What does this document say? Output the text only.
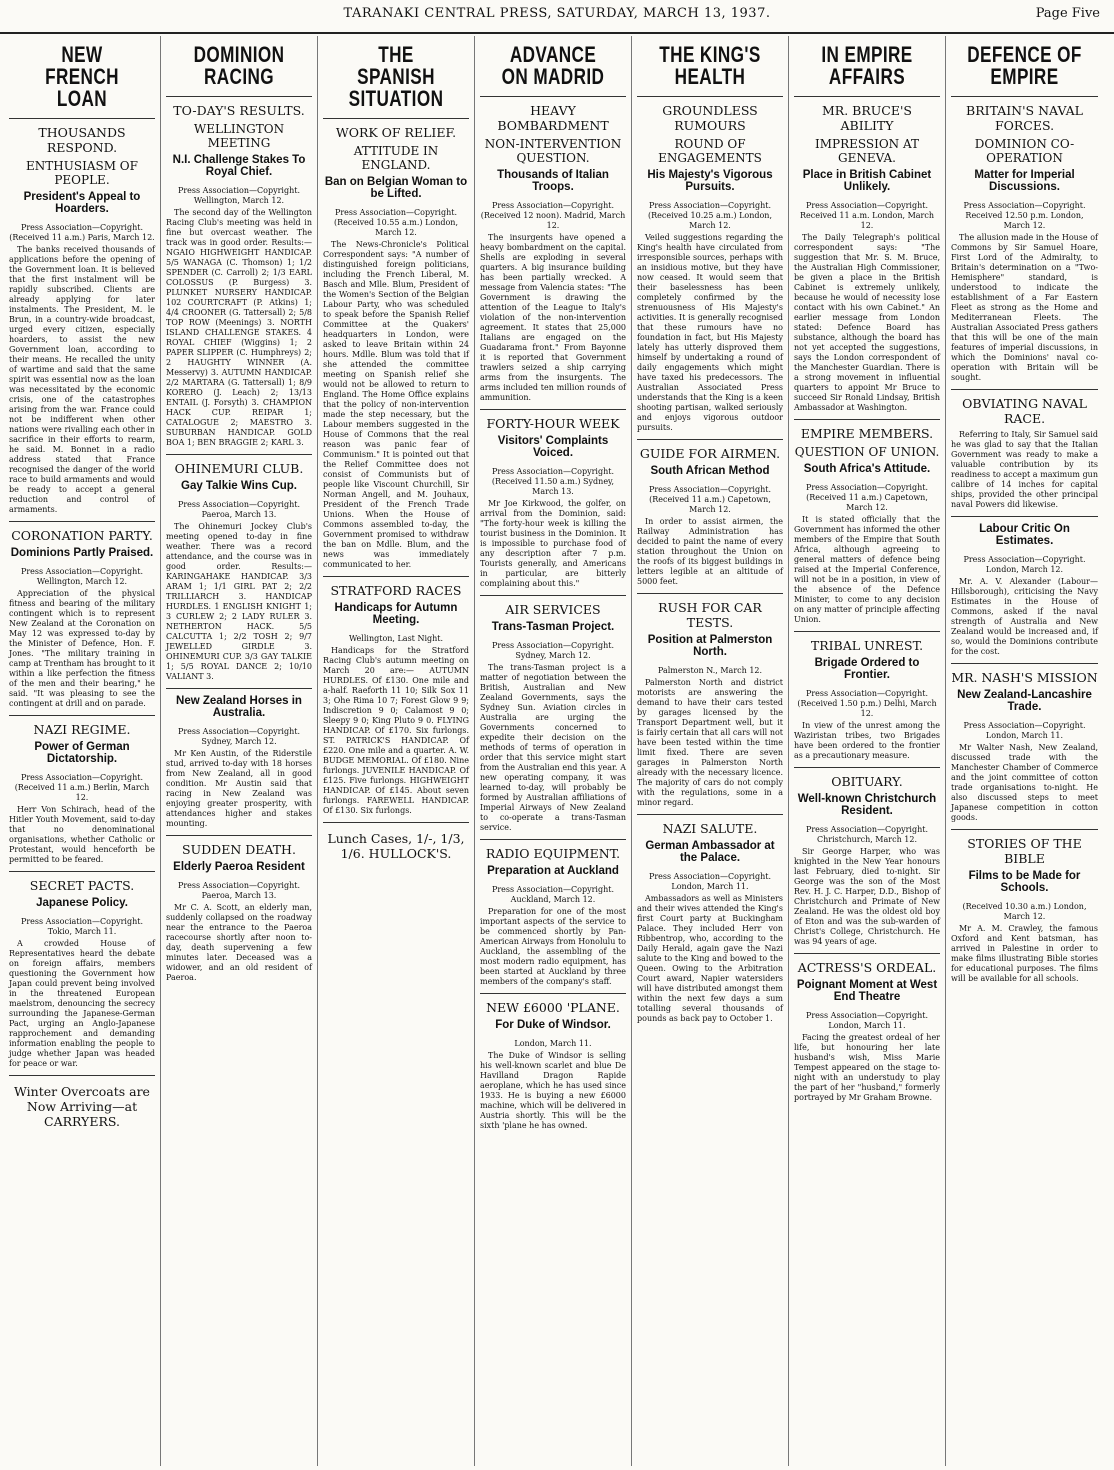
TARANAKI CENTRAL PRESS, SATURDAY, MARCH 13, 1937.	Page Five
NEW FRENCH LOAN
THOUSANDS RESPOND.
ENTHUSIASM OF PEOPLE.
President's Appeal to Hoarders.
Press Association—Copyright. (Received 11 a.m.) Paris, March 12.
The banks received thousands of applications before the opening of the Government loan. It is believed that the first instalment will be rapidly subscribed. Clients are already applying for later instalments. The President, M. le Brun, in a country-wide broadcast, urged every citizen, especially hoarders, to assist the new Government loan, according to their means. He recalled the unity of wartime and said that the same spirit was essential now as the loan was necessitated by the economic crisis, one of the catastrophes arising from the war. France could not be indifferent when other nations were rivalling each other in sacrifice in their efforts to rearm, he said. M. Bonnet in a radio address stated that France recognised the danger of the world race to build armaments and would be ready to accept a general reduction and control of armaments.
CORONATION PARTY.
Dominions Partly Praised.
Press Association—Copyright. Wellington, March 12.
Appreciation of the physical fitness and bearing of the military contingent which is to represent New Zealand at the Coronation on May 12 was expressed to-day by the Minister of Defence, Hon. F. Jones. "The military training in camp at Trentham has brought to it within a like perfection the fitness of the men and their bearing," he said. "It was pleasing to see the contingent at drill and on parade.
NAZI REGIME.
Power of German Dictatorship.
Press Association—Copyright. (Received 11 a.m.) Berlin, March 12.
Herr Von Schirach, head of the Hitler Youth Movement, said to-day that no denominational organisations, whether Catholic or Protestant, would henceforth be permitted to be feared.
SECRET PACTS.
Japanese Policy.
Press Association—Copyright. Tokio, March 11.
A crowded House of Representatives heard the debate on foreign affairs, members questioning the Government how Japan could prevent being involved in the threatened European maelstrom, denouncing the secrecy surrounding the Japanese-German Pact, urging an Anglo-Japanese rapprochement and demanding information enabling the people to judge whether Japan was headed for peace or war.
Winter Overcoats are Now Arriving—at CARRYERS.
DOMINION RACING
TO-DAY'S RESULTS.
WELLINGTON MEETING
N.I. Challenge Stakes To Royal Chief.
Press Association—Copyright. Wellington, March 12.
The second day of the Wellington Racing Club's meeting was held in fine but overcast weather. The track was in good order. Results:— NGAIO HIGHWEIGHT HANDICAP. 5/5 WANAGA (C. Thomson) 1; 1/2 SPENDER (C. Carroll) 2; 1/3 EARL COLOSSUS (P. Burgess) 3. PLUNKET NURSERY HANDICAP. 102 COURTCRAFT (P. Atkins) 1; 4/4 CROONER (G. Tattersall) 2; 5/8 TOP ROW (Meenings) 3. NORTH ISLAND CHALLENGE STAKES. 4 ROYAL CHIEF (Wiggins) 1; 2 PAPER SLIPPER (C. Humphreys) 2; 2 HAUGHTY WINNER (A. Messervy) 3. AUTUMN HANDICAP. 2/2 MARTARA (G. Tattersall) 1; 8/9 KORERO (J. Leach) 2; 13/13 ENTAIL (J. Forsyth) 3. CHAMPION HACK CUP. REIPAR 1; CATALOGUE 2; MAESTRO 3. SUBURBAN HANDICAP. GOLD BOA 1; BEN BRAGGIE 2; KARL 3.
OHINEMURI CLUB.
Gay Talkie Wins Cup.
Press Association—Copyright. Paeroa, March 13.
The Ohinemuri Jockey Club's meeting opened to-day in fine weather. There was a record attendance, and the course was in good order. Results:— KARINGAHAKE HANDICAP. 3/3 ARAM 1; 1/1 GIRL PAT 2; 2/2 TRILLIARCH 3. HANDICAP HURDLES. 1 ENGLISH KNIGHT 1; 3 CURLEW 2; 2 LADY RULER 3. NETHERTON HACK. 5/5 CALCUTTA 1; 2/2 TOSH 2; 9/7 JEWELLED GIRDLE 3. OHINEMURI CUP. 3/3 GAY TALKIE 1; 5/5 ROYAL DANCE 2; 10/10 VALIANT 3.
New Zealand Horses in Australia.
Press Association—Copyright. Sydney, March 12.
Mr Ken Austin, of the Riderstile stud, arrived to-day with 18 horses from New Zealand, all in good condition. Mr Austin said that racing in New Zealand was enjoying greater prosperity, with attendances higher and stakes mounting.
SUDDEN DEATH.
Elderly Paeroa Resident
Press Association—Copyright. Paeroa, March 13.
Mr C. A. Scott, an elderly man, suddenly collapsed on the roadway near the entrance to the Paeroa racecourse shortly after noon to-day, death supervening a few minutes later. Deceased was a widower, and an old resident of Paeroa.
THE SPANISH SITUATION
WORK OF RELIEF.
ATTITUDE IN ENGLAND.
Ban on Belgian Woman to be Lifted.
Press Association—Copyright. (Received 10.55 a.m.) London, March 12.
The News-Chronicle's Political Correspondent says: "A number of distinguished foreign politicians, including the French Liberal, M. Basch and Mlle. Blum, President of the Women's Section of the Belgian Labour Party, who was scheduled to speak before the Spanish Relief Committee at the Quakers' headquarters in London, were asked to leave Britain within 24 hours. Mdlle. Blum was told that if she attended the committee meeting on Spanish relief she would not be allowed to return to England. The Home Office explains that the policy of non-intervention made the step necessary, but the Labour members suggested in the House of Commons that the real reason was panic fear of Communism." It is pointed out that the Relief Committee does not consist of Communists but of people like Viscount Churchill, Sir Norman Angell, and M. Jouhaux, President of the French Trade Unions. When the House of Commons assembled to-day, the Government promised to withdraw the ban on Mdlle. Blum, and the news was immediately communicated to her.
STRATFORD RACES
Handicaps for Autumn Meeting.
Wellington, Last Night.
Handicaps for the Stratford Racing Club's autumn meeting on March 20 are:— AUTUMN HURDLES. Of £130. One mile and a-half. Raeforth 11 10; Silk Sox 11 3; Ohe Rima 10 7; Forest Glow 9 9; Indiscretion 9 0; Calamost 9 0; Sleepy 9 0; King Pluto 9 0. FLYING HANDICAP. Of £170. Six furlongs. ST. PATRICK'S HANDICAP. Of £220. One mile and a quarter. A. W. BUDGE MEMORIAL. Of £180. Nine furlongs. JUVENILE HANDICAP. Of £125. Five furlongs. HIGHWEIGHT HANDICAP. Of £145. About seven furlongs. FAREWELL HANDICAP. Of £130. Six furlongs.
Lunch Cases, 1/-, 1/3, 1/6. HULLOCK'S.
ADVANCE ON MADRID
HEAVY BOMBARDMENT
NON-INTERVENTION QUESTION.
Thousands of Italian Troops.
Press Association—Copyright. (Received 12 noon). Madrid, March 12.
The insurgents have opened a heavy bombardment on the capital. Shells are exploding in several quarters. A big insurance building has been partially wrecked. A message from Valencia states: "The Government is drawing the attention of the League to Italy's violation of the non-intervention agreement. It states that 25,000 Italians are engaged on the Guadarama front." From Bayonne it is reported that Government trawlers seized a ship carrying arms from the insurgents. The arms included ten million rounds of ammunition.
FORTY-HOUR WEEK
Visitors' Complaints Voiced.
Press Association—Copyright. (Received 11.50 a.m.) Sydney, March 13.
Mr Joe Kirkwood, the golfer, on arrival from the Dominion, said: "The forty-hour week is killing the tourist business in the Dominion. It is impossible to purchase food of any description after 7 p.m. Tourists generally, and Americans in particular, are bitterly complaining about this."
AIR SERVICES
Trans-Tasman Project.
Press Association—Copyright. Sydney, March 12.
The trans-Tasman project is a matter of negotiation between the British, Australian and New Zealand Governments, says the Sydney Sun. Aviation circles in Australia are urging the Governments concerned to expedite their decision on the methods of terms of operation in order that this service might start from the Australian end this year. A new operating company, it was learned to-day, will probably be formed by Australian affiliations of Imperial Airways of New Zealand to co-operate a trans-Tasman service.
RADIO EQUIPMENT.
Preparation at Auckland
Press Association—Copyright. Auckland, March 12.
Preparation for one of the most important aspects of the service to be commenced shortly by Pan-American Airways from Honolulu to Auckland, the assembling of the most modern radio equipment, has been started at Auckland by three members of the company's staff.
NEW £6000 'PLANE.
For Duke of Windsor.
London, March 11.
The Duke of Windsor is selling his well-known scarlet and blue De Havilland Dragon Rapide aeroplane, which he has used since 1933. He is buying a new £6000 machine, which will be delivered in Austria shortly. This will be the sixth 'plane he has owned.
THE KING'S HEALTH
GROUNDLESS RUMOURS
ROUND OF ENGAGEMENTS
His Majesty's Vigorous Pursuits.
Press Association—Copyright. (Received 10.25 a.m.) London, March 12.
Veiled suggestions regarding the King's health have circulated from irresponsible sources, perhaps with an insidious motive, but they have now ceased. It would seem that their baselessness has been completely confirmed by the strenuousness of His Majesty's activities. It is generally recognised that these rumours have no foundation in fact, but His Majesty lately has utterly disproved them himself by undertaking a round of daily engagements which might have taxed his predecessors. The Australian Associated Press understands that the King is a keen shooting partisan, walked seriously and enjoys vigorous outdoor pursuits.
GUIDE FOR AIRMEN.
South African Method
Press Association—Copyright. (Received 11 a.m.) Capetown, March 12.
In order to assist airmen, the Railway Administration has decided to paint the name of every station throughout the Union on the roofs of its biggest buildings in letters legible at an altitude of 5000 feet.
RUSH FOR CAR TESTS.
Position at Palmerston North.
Palmerston N., March 12.
Palmerston North and district motorists are answering the demand to have their cars tested by garages licensed by the Transport Department well, but it is fairly certain that all cars will not have been tested within the time limit fixed. There are seven garages in Palmerston North already with the necessary licence. The majority of cars do not comply with the regulations, some in a minor regard.
NAZI SALUTE.
German Ambassador at the Palace.
Press Association—Copyright. London, March 11.
Ambassadors as well as Ministers and their wives attended the King's first Court party at Buckingham Palace. They included Herr von Ribbentrop, who, according to the Daily Herald, again gave the Nazi salute to the King and bowed to the Queen. Owing to the Arbitration Court award, Napier watersiders will have distributed amongst them within the next few days a sum totalling several thousands of pounds as back pay to October 1.
IN EMPIRE AFFAIRS
MR. BRUCE'S ABILITY
IMPRESSION AT GENEVA.
Place in British Cabinet Unlikely.
Press Association—Copyright. Received 11 a.m. London, March 12.
The Daily Telegraph's political correspondent says: "The suggestion that Mr. S. M. Bruce, the Australian High Commissioner, be given a place in the British Cabinet is extremely unlikely, because he would of necessity lose contact with his own Cabinet." An earlier message from London stated: Defence Board has substance, although the board has not yet accepted the suggestions, says the London correspondent of the Manchester Guardian. There is a strong movement in influential quarters to appoint Mr Bruce to succeed Sir Ronald Lindsay, British Ambassador at Washington.
EMPIRE MEMBERS.
QUESTION OF UNION.
South Africa's Attitude.
Press Association—Copyright. (Received 11 a.m.) Capetown, March 12.
It is stated officially that the Government has informed the other members of the Empire that South Africa, although agreeing to general matters of defence being raised at the Imperial Conference, will not be in a position, in view of the absence of the Defence Minister, to come to any decision on any matter of principle affecting Union.
TRIBAL UNREST.
Brigade Ordered to Frontier.
Press Association—Copyright. (Received 1.50 p.m.) Delhi, March 12.
In view of the unrest among the Waziristan tribes, two Brigades have been ordered to the frontier as a precautionary measure.
OBITUARY.
Well-known Christchurch Resident.
Press Association—Copyright. Christchurch, March 12.
Sir George Harper, who was knighted in the New Year honours last February, died to-night. Sir George was the son of the Most Rev. H. J. C. Harper, D.D., Bishop of Christchurch and Primate of New Zealand. He was the oldest old boy of Eton and was the sub-warden of Christ's College, Christchurch. He was 94 years of age.
ACTRESS'S ORDEAL.
Poignant Moment at West End Theatre
Press Association—Copyright. London, March 11.
Facing the greatest ordeal of her life, but honouring her late husband's wish, Miss Marie Tempest appeared on the stage to-night with an understudy to play the part of her "husband," formerly portrayed by Mr Graham Browne.
DEFENCE OF EMPIRE
BRITAIN'S NAVAL FORCES.
DOMINION CO-OPERATION
Matter for Imperial Discussions.
Press Association—Copyright. Received 12.50 p.m. London, March 12.
The allusion made in the House of Commons by Sir Samuel Hoare, First Lord of the Admiralty, to Britain's determination on a "Two-Hemisphere" standard, is understood to indicate the establishment of a Far Eastern Fleet as strong as the Home and Mediterranean Fleets. The Australian Associated Press gathers that this will be one of the main features of imperial discussions, in which the Dominions' naval co-operation with Britain will be sought.
OBVIATING NAVAL RACE.
Referring to Italy, Sir Samuel said he was glad to say that the Italian Government was ready to make a valuable contribution by its readiness to accept a maximum gun calibre of 14 inches for capital ships, provided the other principal naval Powers did likewise.
Labour Critic On Estimates.
Press Association—Copyright. London, March 12.
Mr. A. V. Alexander (Labour—Hillsborough), criticising the Navy Estimates in the House of Commons, asked if the naval strength of Australia and New Zealand would be increased and, if so, would the Dominions contribute for the cost.
MR. NASH'S MISSION
New Zealand-Lancashire Trade.
Press Association—Copyright. London, March 11.
Mr Walter Nash, New Zealand, discussed trade with the Manchester Chamber of Commerce and the joint committee of cotton trade organisations to-night. He also discussed steps to meet Japanese competition in cotton goods.
STORIES OF THE BIBLE
Films to be Made for Schools.
(Received 10.30 a.m.) London, March 12.
Mr A. M. Crawley, the famous Oxford and Kent batsman, has arrived in Palestine in order to make films illustrating Bible stories for educational purposes. The films will be available for all schools.
